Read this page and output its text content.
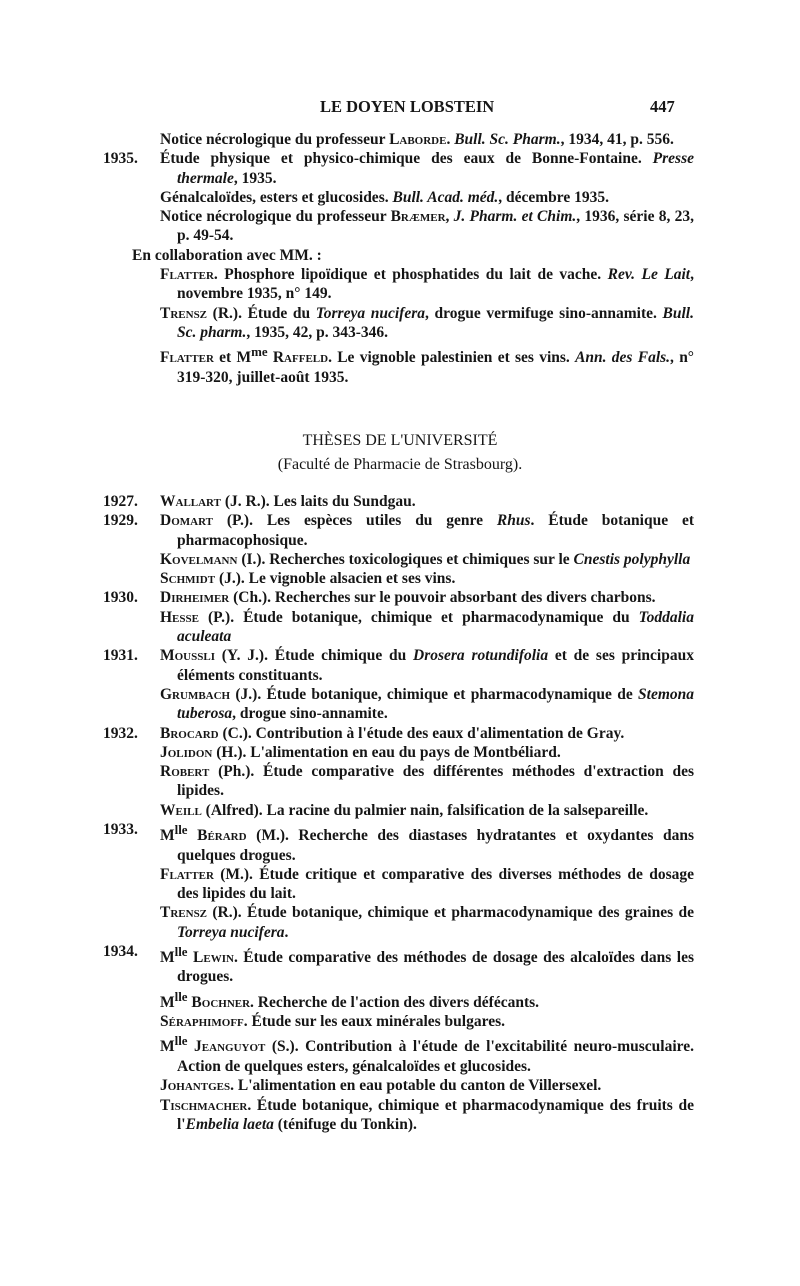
LE DOYEN LOBSTEIN	447
Notice nécrologique du professeur Laborde. Bull. Sc. Pharm., 1934, 41, p. 556.
1935. Étude physique et physico-chimique des eaux de Bonne-Fontaine. Presse thermale, 1935.
Génalcaloïdes, esters et glucosides. Bull. Acad. méd., décembre 1935.
Notice nécrologique du professeur Bræmer, J. Pharm. et Chim., 1936, série 8, 23, p. 49-54.
En collaboration avec MM. :
Flatter. Phosphore lipoïdique et phosphatides du lait de vache. Rev. Le Lait, novembre 1935, n° 149.
Trensz (R.). Étude du Torreya nucifera, drogue vermifuge sino-annamite. Bull. Sc. pharm., 1935, 42, p. 343-346.
Flatter et $M^{me}$ Raffeld. Le vignoble palestinien et ses vins. Ann. des Fals., n° 319-320, juillet-août 1935.
THÈSES DE L'UNIVERSITÉ
(Faculté de Pharmacie de Strasbourg).
1927. Wallart (J. R.). Les laits du Sundgau.
1929. Domart (P.). Les espèces utiles du genre Rhus. Étude botanique et pharmacophosique.
Kovelmann (I.). Recherches toxicologiques et chimiques sur le Cnestis polyphylla
Schmidt (J.). Le vignoble alsacien et ses vins.
1930. Dirheimer (Ch.). Recherches sur le pouvoir absorbant des divers charbons.
Hesse (P.). Étude botanique, chimique et pharmacodynamique du Toddalia aculeata
1931. Moussli (Y. J.). Étude chimique du Drosera rotundifolia et de ses principaux éléments constituants.
Grumbach (J.). Étude botanique, chimique et pharmacodynamique de Stemona tuberosa, drogue sino-annamite.
1932. Brocard (C.). Contribution à l'étude des eaux d'alimentation de Gray.
Jolidon (H.). L'alimentation en eau du pays de Montbéliard.
Robert (Ph.). Étude comparative des différentes méthodes d'extraction des lipides.
Weill (Alfred). La racine du palmier nain, falsification de la salsepareille.
1933. $M^{lle}$ Bérard (M.). Recherche des diastases hydratantes et oxydantes dans quelques drogues.
Flatter (M.). Étude critique et comparative des diverses méthodes de dosage des lipides du lait.
Trensz (R.). Étude botanique, chimique et pharmacodynamique des graines de Torreya nucifera.
1934. $M^{lle}$ Lewin. Étude comparative des méthodes de dosage des alcaloïdes dans les drogues.
$M^{lle}$ Bochner. Recherche de l'action des divers défécants.
Séraphimoff. Étude sur les eaux minérales bulgares.
$M^{lle}$ Jeanguyot (S.). Contribution à l'étude de l'excitabilité neuro-musculaire. Action de quelques esters, génalcaloïdes et glucosides.
Johantges. L'alimentation en eau potable du canton de Villersexel.
Tischmacher. Étude botanique, chimique et pharmacodynamique des fruits de l'Embelia laeta (ténifuge du Tonkin).
